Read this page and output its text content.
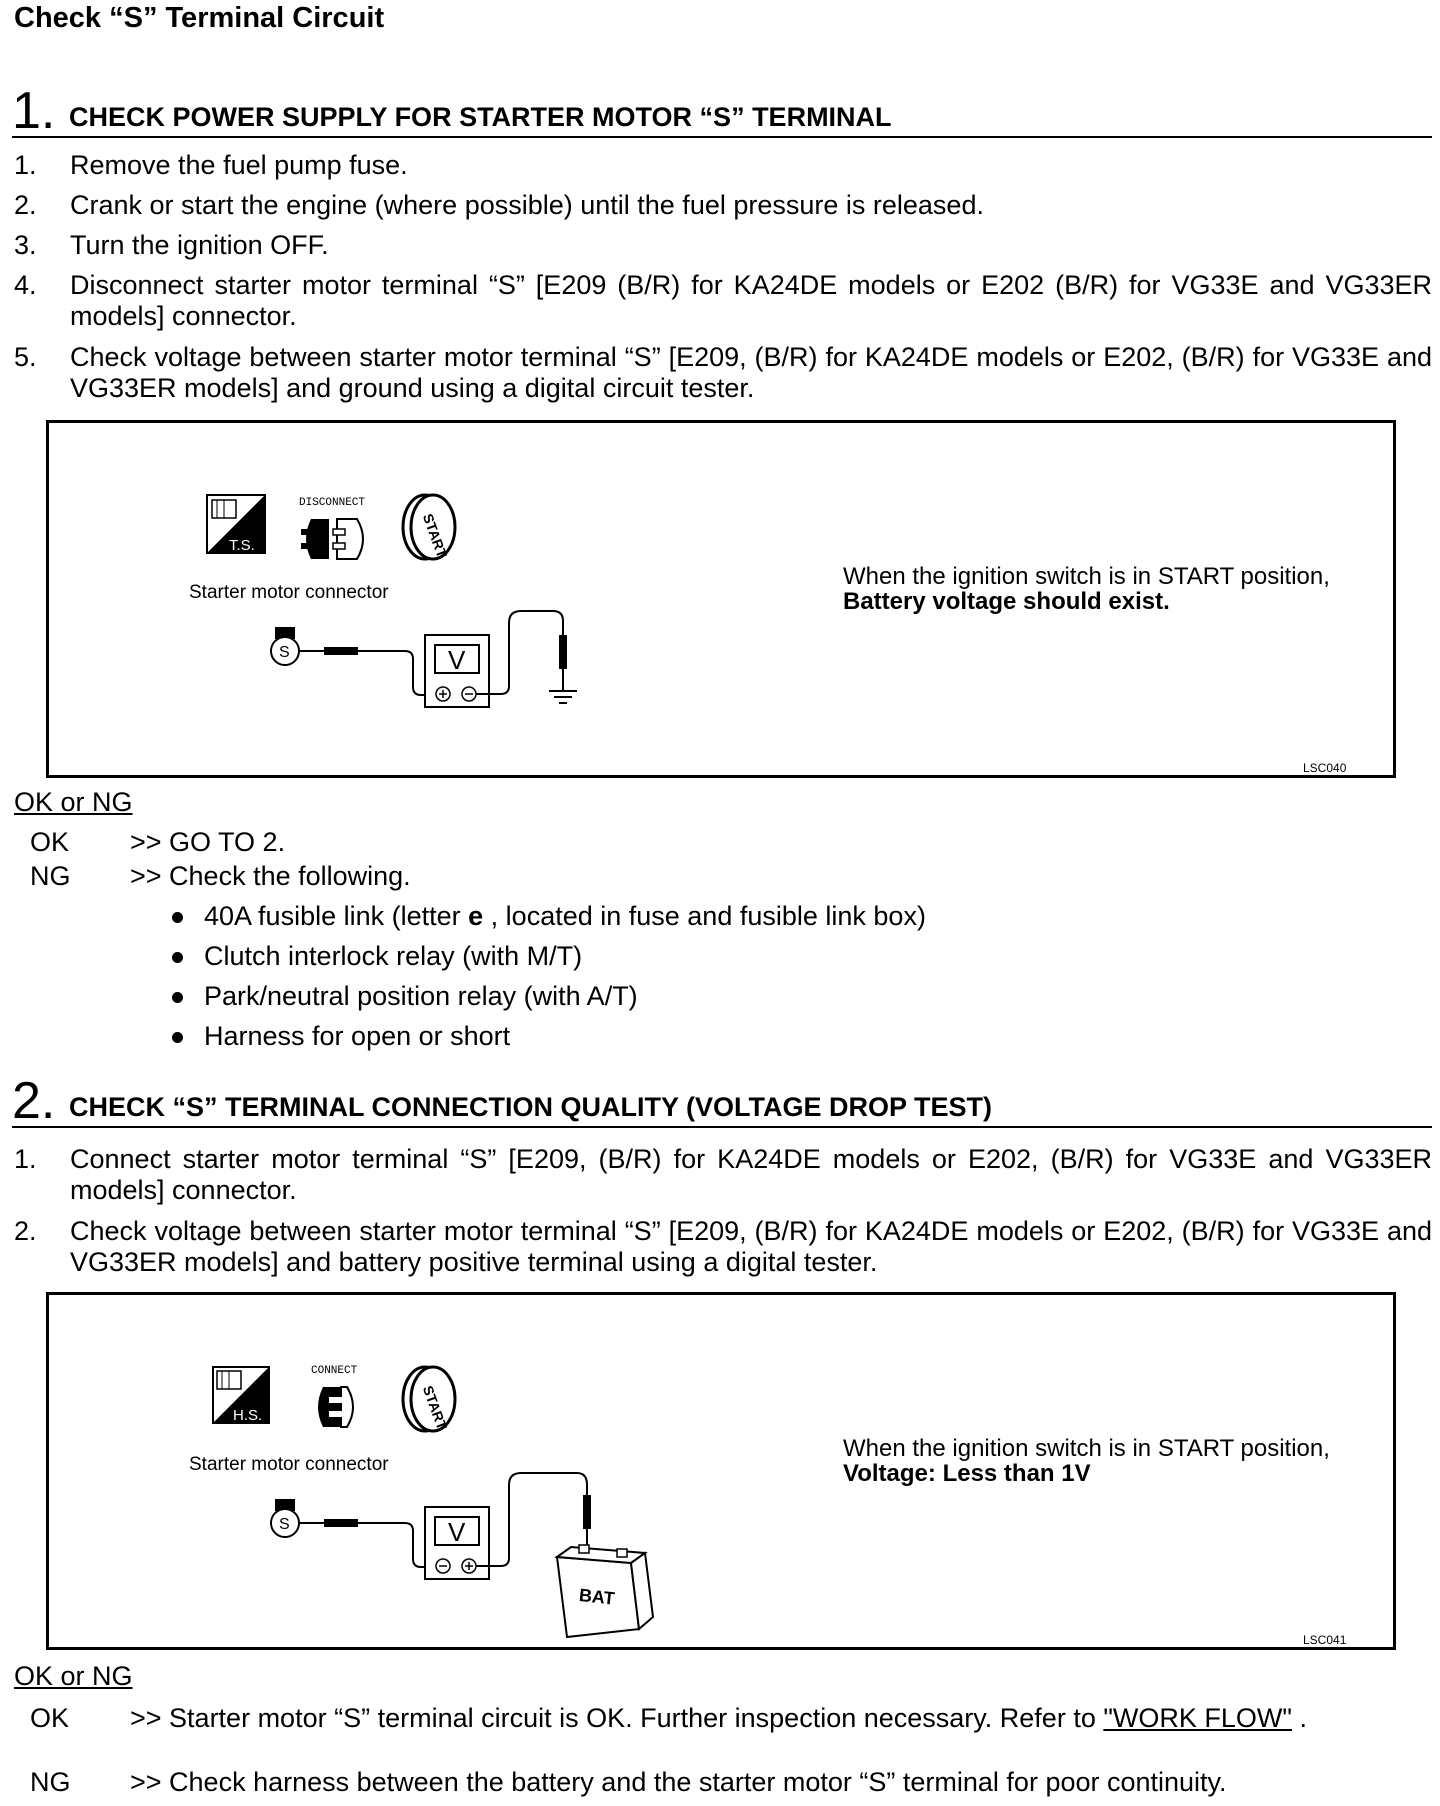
Check “S” Terminal Circuit
1. CHECK POWER SUPPLY FOR STARTER MOTOR “S” TERMINAL
1. Remove the fuel pump fuse.
2. Crank or start the engine (where possible) until the fuel pressure is released.
3. Turn the ignition OFF.
4. Disconnect starter motor terminal “S” [E209 (B/R) for KA24DE models or E202 (B/R) for VG33E and VG33ER models] connector.
5. Check voltage between starter motor terminal “S” [E209, (B/R) for KA24DE models or E202, (B/R) for VG33E and VG33ER models] and ground using a digital circuit tester.
T.S.
DISCONNECT
START
Starter motor connector
S	V
When the ignition switch is in START position,
Battery voltage should exist.
LSC040
OK or NG
OK >> GO TO 2.
NG >> Check the following.
40A fusible link (letter e , located in fuse and fusible link box)
Clutch interlock relay (with M/T)
Park/neutral position relay (with A/T)
Harness for open or short
2. CHECK “S” TERMINAL CONNECTION QUALITY (VOLTAGE DROP TEST)
1. Connect starter motor terminal “S” [E209, (B/R) for KA24DE models or E202, (B/R) for VG33E and VG33ER models] connector.
2. Check voltage between starter motor terminal “S” [E209, (B/R) for KA24DE models or E202, (B/R) for VG33E and VG33ER models] and battery positive terminal using a digital tester.
H.S.
CONNECT
START
Starter motor connector
S	V
BAT
When the ignition switch is in START position,
Voltage: Less than 1V
LSC041
OK or NG
OK >> Starter motor “S” terminal circuit is OK. Further inspection necessary. Refer to "WORK FLOW" .
NG >> Check harness between the battery and the starter motor “S” terminal for poor continuity.
